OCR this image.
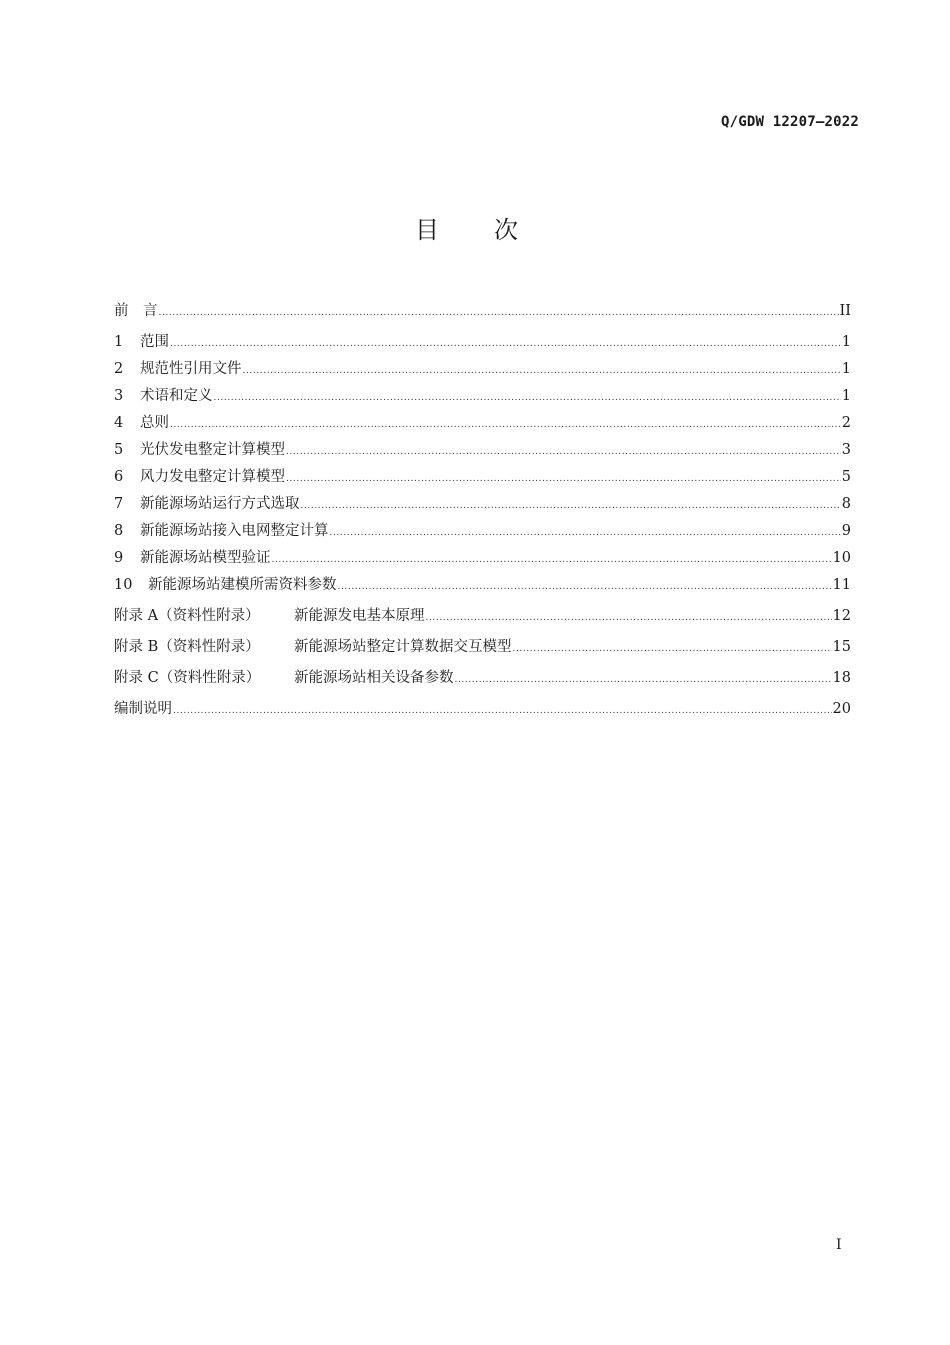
Q/GDW 12207—2022
目次
前　言 .....	II
1	范围 .....	1
2	规范性引用文件 .....	1
3	术语和定义 .....	1
4	总则 .....	2
5	光伏发电整定计算模型 .....	3
6	风力发电整定计算模型 .....	5
7	新能源场站运行方式选取 .....	8
8	新能源场站接入电网整定计算 .....	9
9	新能源场站模型验证 .....	10
10	新能源场站建模所需资料参数 .....	11
附录 A（资料性附录）	新能源发电基本原理 .....	12
附录 B（资料性附录）	新能源场站整定计算数据交互模型 .....	15
附录 C（资料性附录）	新能源场站相关设备参数 .....	18
编制说明 .....	20
I
